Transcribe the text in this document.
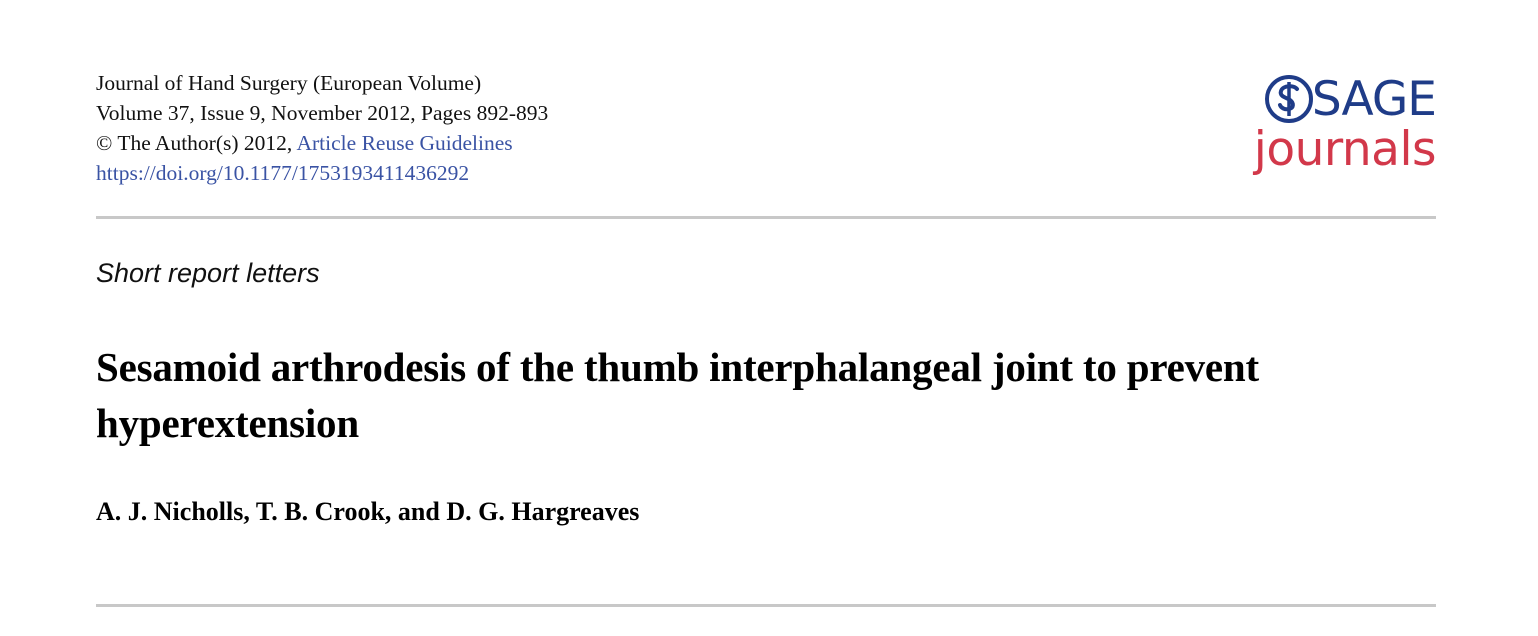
Journal of Hand Surgery (European Volume)
Volume 37, Issue 9, November 2012, Pages 892-893
© The Author(s) 2012, Article Reuse Guidelines
https://doi.org/10.1177/1753193411436292
SAGE
journals
Short report letters
Sesamoid arthrodesis of the thumb interphalangeal joint to prevent hyperextension
A. J. Nicholls, T. B. Crook, and D. G. Hargreaves
